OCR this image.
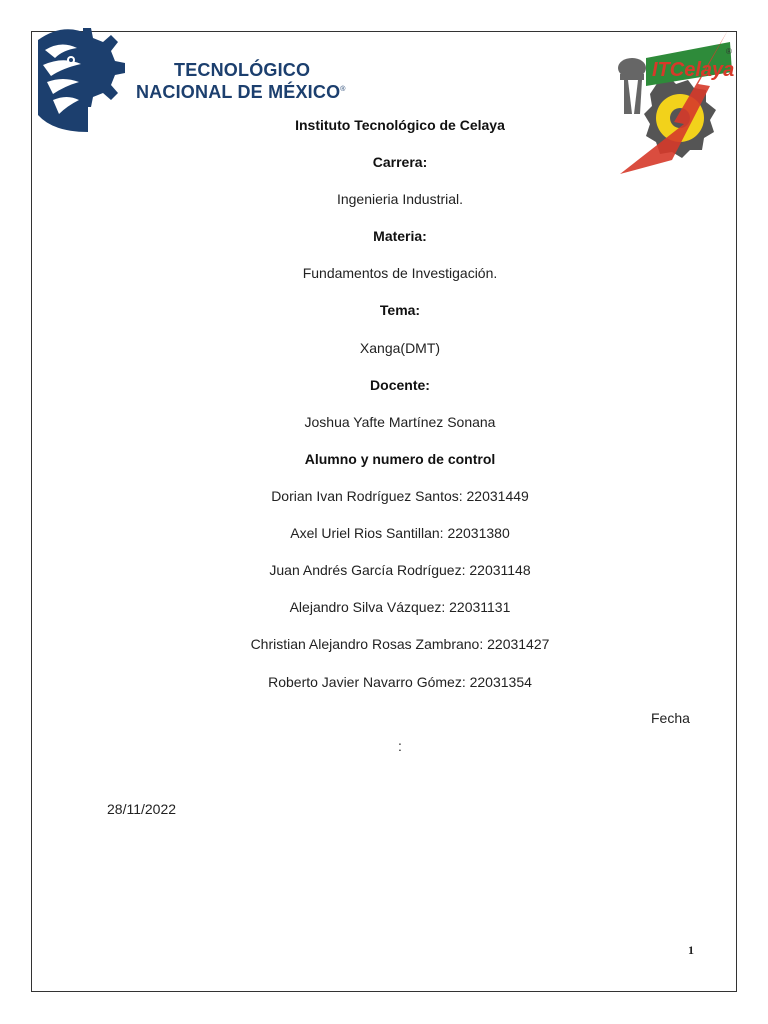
TECNOLÓGICO
NACIONAL DE MÉXICO®
ITCelaya
®
Instituto Tecnológico de Celaya
Carrera:
Ingenieria Industrial.
Materia:
Fundamentos de Investigación.
Tema:
Xanga(DMT)
Docente:
Joshua Yafte Martínez Sonana
Alumno y numero de control
Dorian Ivan Rodríguez Santos: 22031449
Axel Uriel Rios Santillan: 22031380
Juan Andrés García Rodríguez: 22031148
Alejandro Silva Vázquez: 22031131
Christian Alejandro Rosas Zambrano: 22031427
Roberto Javier Navarro Gómez: 22031354
Fecha
:
28/11/2022
1
